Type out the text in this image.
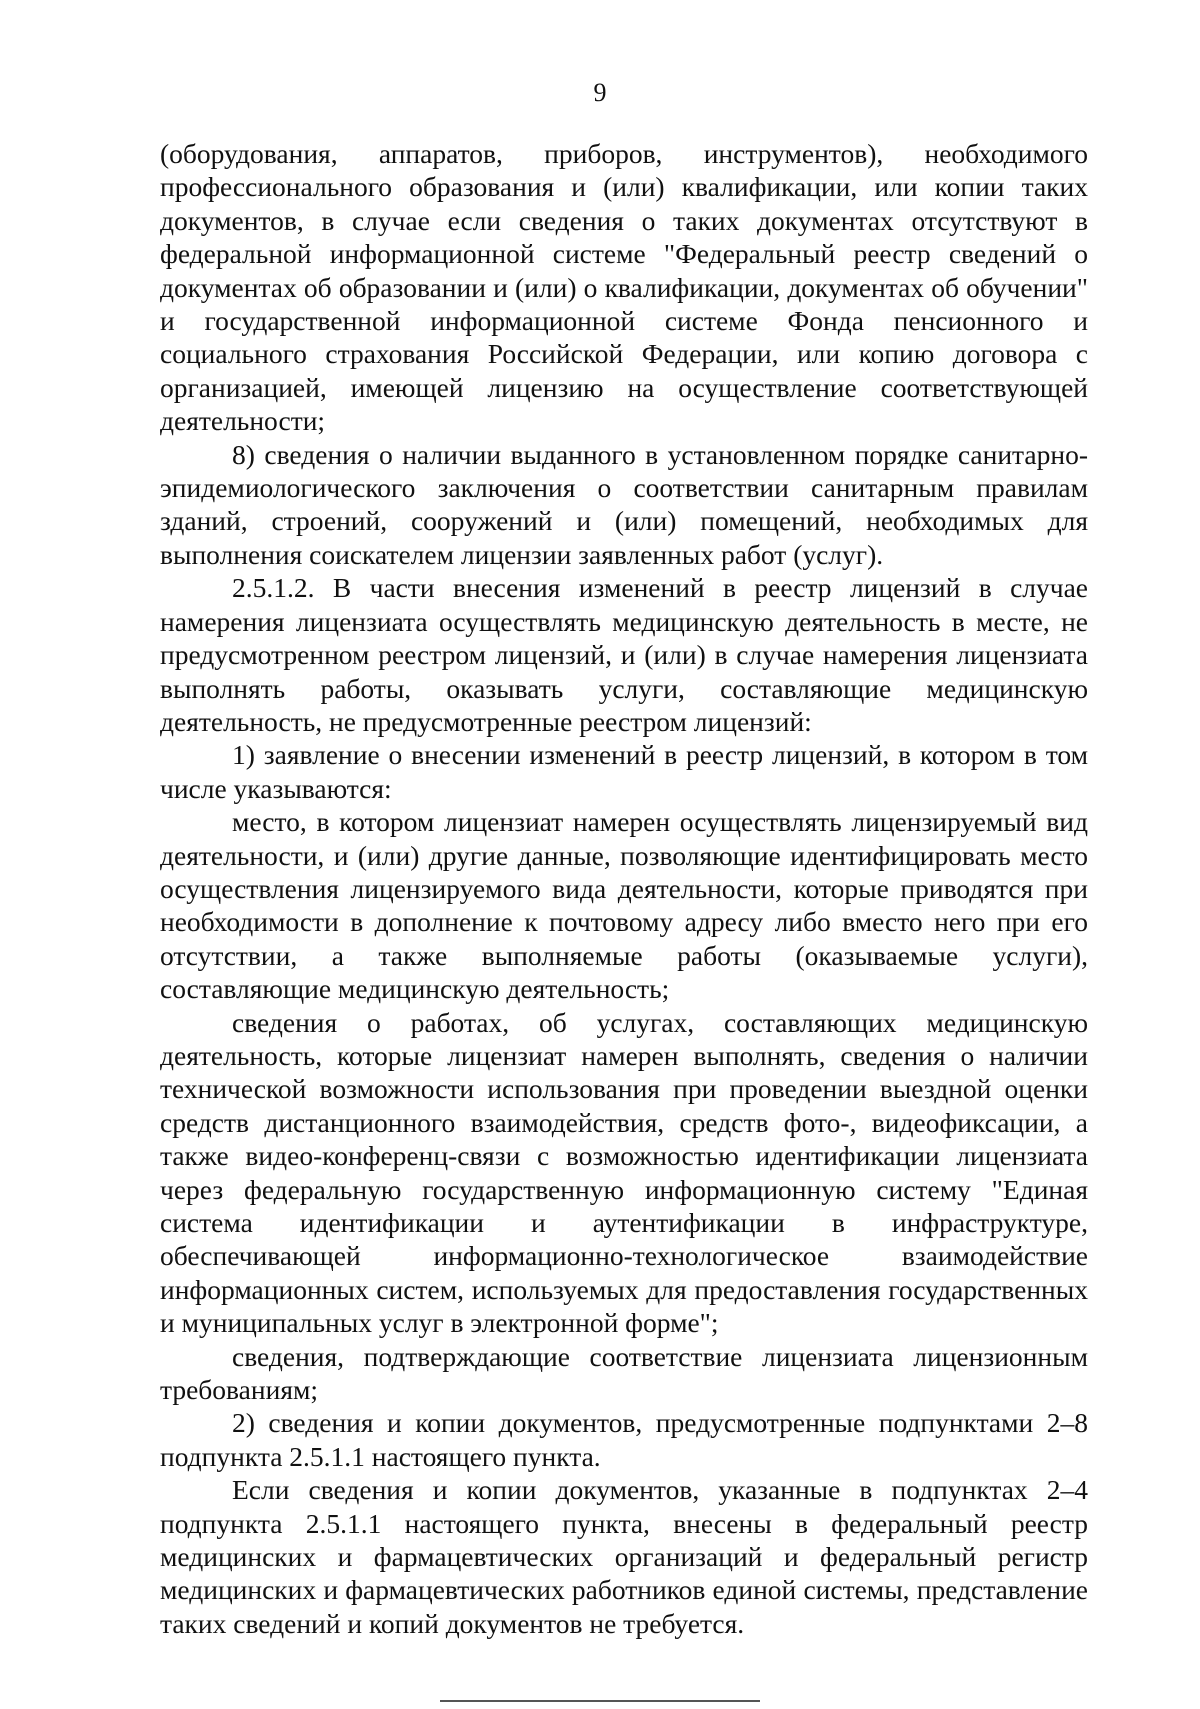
9

(оборудования, аппаратов, приборов, инструментов), необходимого профессионального образования и (или) квалификации, или копии таких документов, в случае если сведения о таких документах отсутствуют в федеральной информационной системе "Федеральный реестр сведений о документах об образовании и (или) о квалификации, документах об обучении" и государственной информационной системе Фонда пенсионного и социального страхования Российской Федерации, или копию договора с организацией, имеющей лицензию на осуществление соответствующей деятельности;

8) сведения о наличии выданного в установленном порядке санитарно-эпидемиологического заключения о соответствии санитарным правилам зданий, строений, сооружений и (или) помещений, необходимых для выполнения соискателем лицензии заявленных работ (услуг).

2.5.1.2. В части внесения изменений в реестр лицензий в случае намерения лицензиата осуществлять медицинскую деятельность в месте, не предусмотренном реестром лицензий, и (или) в случае намерения лицензиата выполнять работы, оказывать услуги, составляющие медицинскую деятельность, не предусмотренные реестром лицензий:

1) заявление о внесении изменений в реестр лицензий, в котором в том числе указываются:

место, в котором лицензиат намерен осуществлять лицензируемый вид деятельности, и (или) другие данные, позволяющие идентифицировать место осуществления лицензируемого вида деятельности, которые приводятся при необходимости в дополнение к почтовому адресу либо вместо него при его отсутствии, а также выполняемые работы (оказываемые услуги), составляющие медицинскую деятельность;

сведения о работах, об услугах, составляющих медицинскую деятельность, которые лицензиат намерен выполнять, сведения о наличии технической возможности использования при проведении выездной оценки средств дистанционного взаимодействия, средств фото-, видеофиксации, а также видео-конференц-связи с возможностью идентификации лицензиата через федеральную государственную информационную систему "Единая система идентификации и аутентификации в инфраструктуре, обеспечивающей информационно-технологическое взаимодействие информационных систем, используемых для предоставления государственных и муниципальных услуг в электронной форме";

сведения, подтверждающие соответствие лицензиата лицензионным требованиям;

2) сведения и копии документов, предусмотренные подпунктами 2–8 подпункта 2.5.1.1 настоящего пункта.

Если сведения и копии документов, указанные в подпунктах 2–4 подпункта 2.5.1.1 настоящего пункта, внесены в федеральный реестр медицинских и фармацевтических организаций и федеральный регистр медицинских и фармацевтических работников единой системы, представление таких сведений и копий документов не требуется.
